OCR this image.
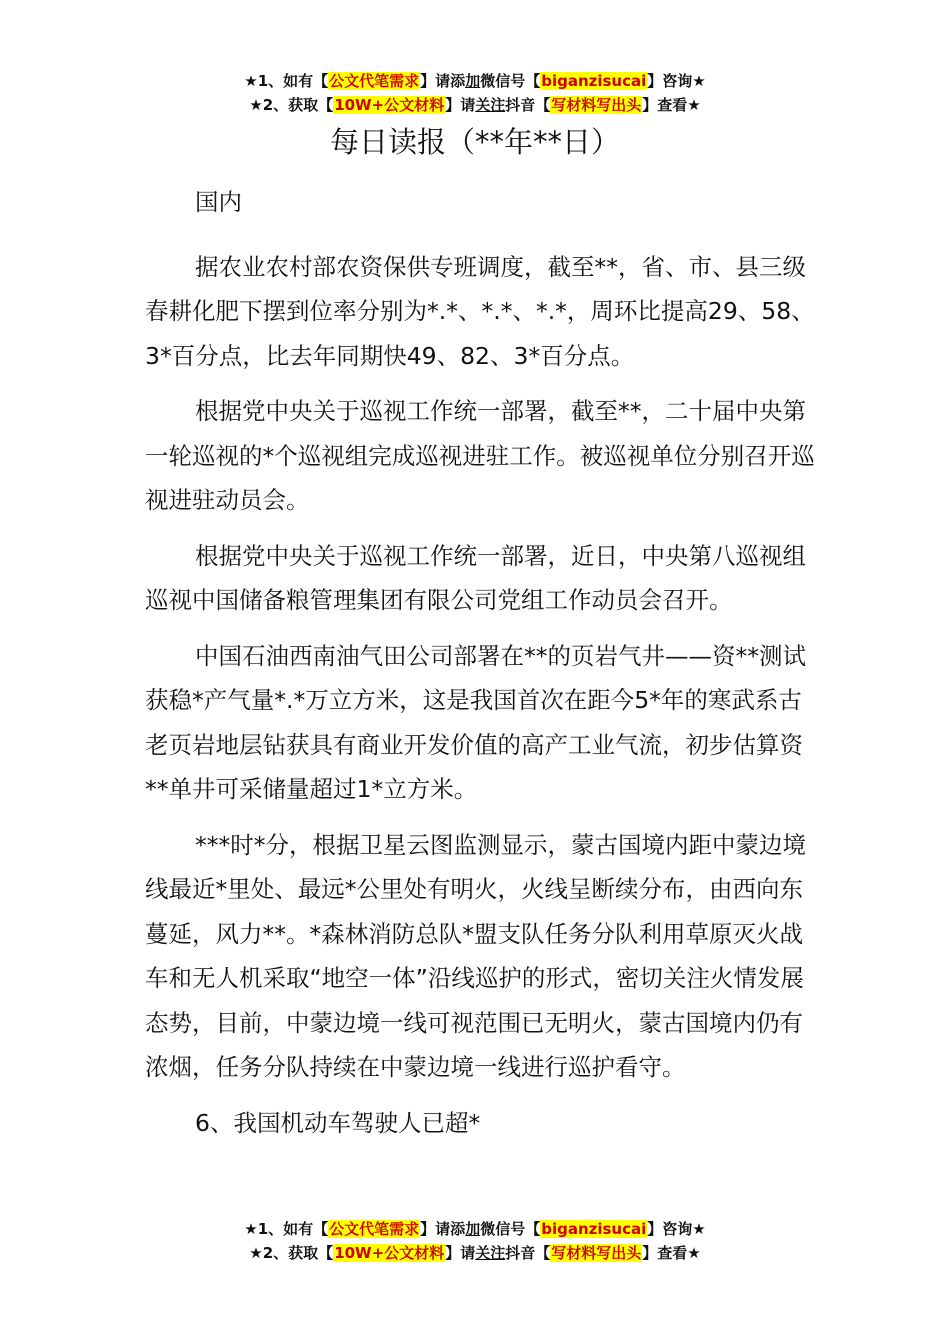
★1、如有【公文代笔需求】请添加微信号【biganzisucai】咨询★
★2、获取【10W+公文材料】请关注抖音【写材料写出头】查看★
每日读报（**年**日）

国内

据农业农村部农资保供专班调度，截至**，省、市、县三级春耕化肥下摆到位率分别为*.*、*.*、*.*，周环比提高29、58、3*百分点，比去年同期快49、82、3*百分点。

根据党中央关于巡视工作统一部署，截至**，二十届中央第一轮巡视的*个巡视组完成巡视进驻工作。被巡视单位分别召开巡视进驻动员会。

根据党中央关于巡视工作统一部署，近日，中央第八巡视组巡视中国储备粮管理集团有限公司党组工作动员会召开。

中国石油西南油气田公司部署在**的页岩气井——资**测试获稳*产气量*.*万立方米，这是我国首次在距今5*年的寒武系古老页岩地层钻获具有商业开发价值的高产工业气流，初步估算资**单井可采储量超过1*立方米。

***时*分，根据卫星云图监测显示，蒙古国境内距中蒙边境线最近*里处、最远*公里处有明火，火线呈断续分布，由西向东蔓延，风力**。*森林消防总队*盟支队任务分队利用草原灭火战车和无人机采取“地空一体”沿线巡护的形式，密切关注火情发展态势，目前，中蒙边境一线可视范围已无明火，蒙古国境内仍有浓烟，任务分队持续在中蒙边境一线进行巡护看守。

6、我国机动车驾驶人已超*

★1、如有【公文代笔需求】请添加微信号【biganzisucai】咨询★
★2、获取【10W+公文材料】请关注抖音【写材料写出头】查看★
